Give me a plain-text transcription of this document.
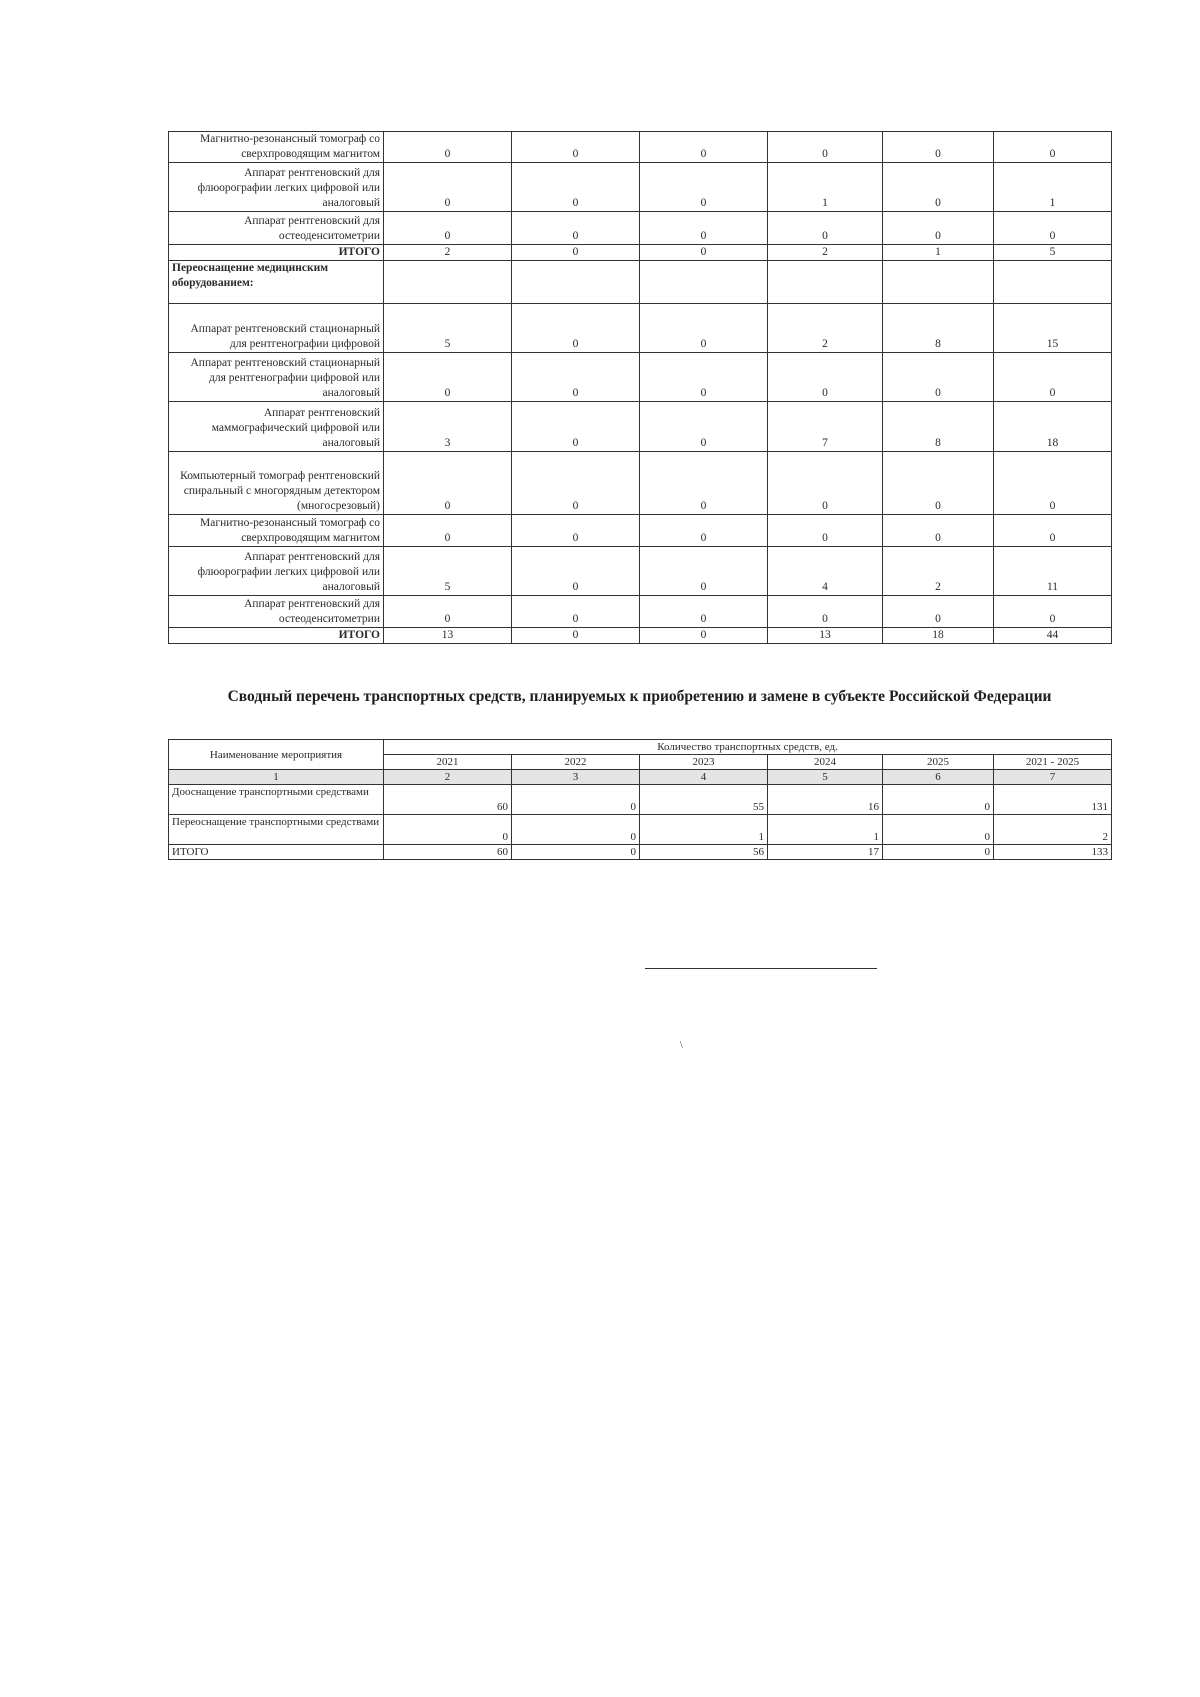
Магнитно-резонансный томограф со сверхпроводящим магнитом	0	0	0	0	0	0
Аппарат рентгеновский для флюорографии легких цифровой или аналоговый	0	0	0	1	0	1
Аппарат рентгеновский для остеоденситометрии	0	0	0	0	0	0
ИТОГО	2	0	0	2	1	5
Переоснащение медицинским оборудованием:						
Аппарат рентгеновский стационарный для рентгенографии цифровой	5	0	0	2	8	15
Аппарат рентгеновский стационарный для рентгенографии цифровой или аналоговый	0	0	0	0	0	0
Аппарат рентгеновский маммографический цифровой или аналоговый	3	0	0	7	8	18
Компьютерный томограф рентгеновский спиральный с многорядным детектором (многосрезовый)	0	0	0	0	0	0
Магнитно-резонансный томограф со сверхпроводящим магнитом	0	0	0	0	0	0
Аппарат рентгеновский для флюорографии легких цифровой или аналоговый	5	0	0	4	2	11
Аппарат рентгеновский для остеоденситометрии	0	0	0	0	0	0
ИТОГО	13	0	0	13	18	44
Сводный перечень транспортных средств, планируемых к приобретению и замене в субъекте Российской Федерации
Наименование мероприятия	Количество транспортных средств, ед.					
	2021	2022	2023	2024	2025	2021 - 2025
1	2	3	4	5	6	7
Дооснащение транспортными средствами	60	0	55	16	0	131
Переоснащение транспортными средствами	0	0	1	1	0	2
ИТОГО	60	0	56	17	0	133
\
